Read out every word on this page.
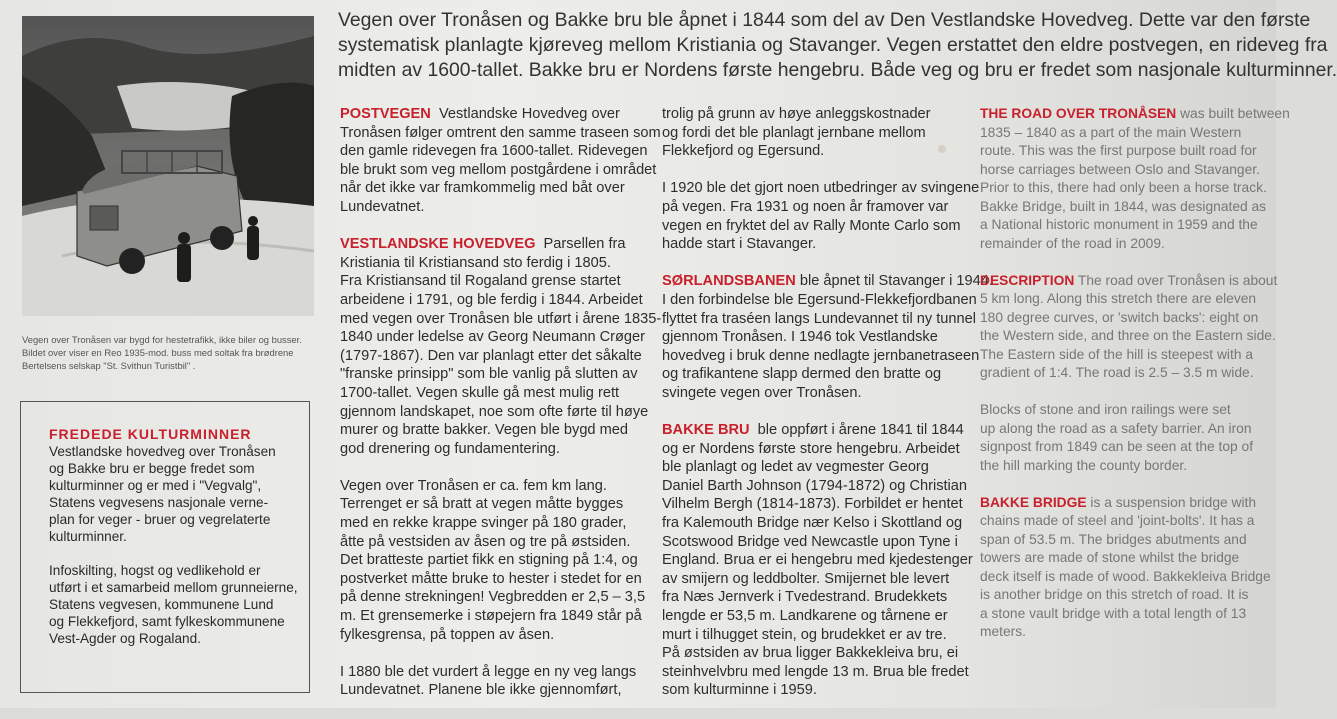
Vegen over Tronåsen var bygd for hestetrafikk, ikke biler og busser.
Bildet over viser en Reo 1935-mod. buss med soltak fra brødrene
Bertelsens selskap "St. Svithun Turistbil" .
FREDEDE KULTURMINNER

Vestlandske hovedveg over Tronåsen
og Bakke bru er begge fredet som
kulturminner og er med i "Vegvalg",
Statens vegvesens nasjonale verne-
plan for veger - bruer og vegrelaterte
kulturminner.

Infoskilting, hogst og vedlikehold er
utført i et samarbeid mellom grunneierne,
Statens vegvesen, kommunene Lund
og Flekkefjord, samt fylkeskommunene
Vest-Agder og Rogaland.

Vegen over Tronåsen og Bakke bru ble åpnet i 1844 som del av Den Vestlandske Hovedveg. Dette var den første
systematisk planlagte kjøreveg mellom Kristiania og Stavanger. Vegen erstattet den eldre postvegen, en rideveg fra
midten av 1600-tallet. Bakke bru er Nordens første hengebru. Både veg og bru er fredet som nasjonale kulturminner.

POSTVEGEN Vestlandske Hovedveg over
Tronåsen følger omtrent den samme traseen som
den gamle ridevegen fra 1600-tallet. Ridevegen
ble brukt som veg mellom postgårdene i området
når det ikke var framkommelig med båt over
Lundevatnet.

VESTLANDSKE HOVEDVEG Parsellen fra
Kristiania til Kristiansand sto ferdig i 1805.
Fra Kristiansand til Rogaland grense startet
arbeidene i 1791, og ble ferdig i 1844. Arbeidet
med vegen over Tronåsen ble utført i årene 1835-
1840 under ledelse av Georg Neumann Crøger
(1797-1867). Den var planlagt etter det såkalte
"franske prinsipp" som ble vanlig på slutten av
1700-tallet. Vegen skulle gå mest mulig rett
gjennom landskapet, noe som ofte førte til høye
murer og bratte bakker. Vegen ble bygd med
god drenering og fundamentering.

Vegen over Tronåsen er ca. fem km lang.
Terrenget er så bratt at vegen måtte bygges
med en rekke krappe svinger på 180 grader,
åtte på vestsiden av åsen og tre på østsiden.
Det bratteste partiet fikk en stigning på 1:4, og
postverket måtte bruke to hester i stedet for en
på denne strekningen! Vegbredden er 2,5 – 3,5
m. Et grensemerke i støpejern fra 1849 står på
fylkesgrensa, på toppen av åsen.

I 1880 ble det vurdert å legge en ny veg langs
Lundevatnet. Planene ble ikke gjennomført,

trolig på grunn av høye anleggskostnader
og fordi det ble planlagt jernbane mellom
Flekkefjord og Egersund.

I 1920 ble det gjort noen utbedringer av svingene
på vegen. Fra 1931 og noen år framover var
vegen en fryktet del av Rally Monte Carlo som
hadde start i Stavanger.

SØRLANDSBANEN ble åpnet til Stavanger i 1944.
I den forbindelse ble Egersund-Flekkefjordbanen
flyttet fra traséen langs Lundevannet til ny tunnel
gjennom Tronåsen. I 1946 tok Vestlandske
hovedveg i bruk denne nedlagte jernbanetraseen
og trafikantene slapp dermed den bratte og
svingete vegen over Tronåsen.

BAKKE BRU ble oppført i årene 1841 til 1844
og er Nordens første store hengebru. Arbeidet
ble planlagt og ledet av vegmester Georg
Daniel Barth Johnson (1794-1872) og Christian
Vilhelm Bergh (1814-1873). Forbildet er hentet
fra Kalemouth Bridge nær Kelso i Skottland og
Scotswood Bridge ved Newcastle upon Tyne i
England. Brua er ei hengebru med kjedestenger
av smijern og leddbolter. Smijernet ble levert
fra Næs Jernverk i Tvedestrand. Brudekkets
lengde er 53,5 m. Landkarene og tårnene er
murt i tilhugget stein, og brudekket er av tre.
På østsiden av brua ligger Bakkekleiva bru, ei
steinhvelvbru med lengde 13 m. Brua ble fredet
som kulturminne i 1959.

THE ROAD OVER TRONÅSEN was built between
1835 – 1840 as a part of the main Western
route. This was the first purpose built road for
horse carriages between Oslo and Stavanger.
Prior to this, there had only been a horse track.
Bakke Bridge, built in 1844, was designated as
a National historic monument in 1959 and the
remainder of the road in 2009.

DESCRIPTION The road over Tronåsen is about
5 km long. Along this stretch there are eleven
180 degree curves, or 'switch backs': eight on
the Western side, and three on the Eastern side.
The Eastern side of the hill is steepest with a
gradient of 1:4. The road is 2.5 – 3.5 m wide.

Blocks of stone and iron railings were set
up along the road as a safety barrier. An iron
signpost from 1849 can be seen at the top of
the hill marking the county border.

BAKKE BRIDGE is a suspension bridge with
chains made of steel and 'joint-bolts'. It has a
span of 53.5 m. The bridges abutments and
towers are made of stone whilst the bridge
deck itself is made of wood. Bakkekleiva Bridge
is another bridge on this stretch of road. It is
a stone vault bridge with a total length of 13
meters.
